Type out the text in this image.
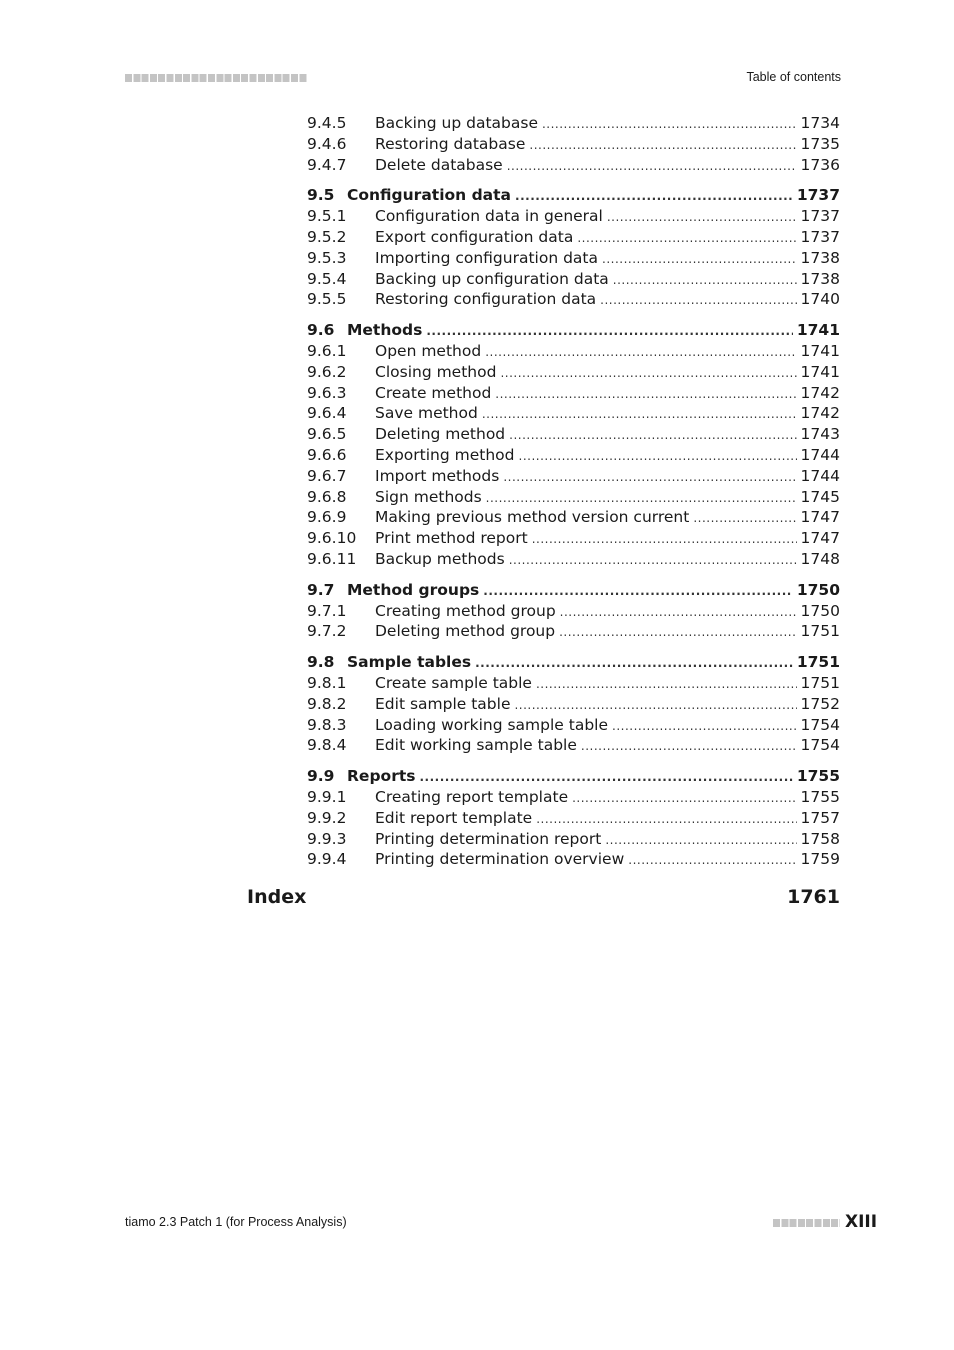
Table of contents
9.4.5	Backing up database .....	1734
9.4.6	Restoring database .....	1735
9.4.7	Delete database .....	1736
9.5 Configuration data .....	1737
9.5.1	Configuration data in general .....	1737
9.5.2	Export configuration data .....	1737
9.5.3	Importing configuration data .....	1738
9.5.4	Backing up configuration data .....	1738
9.5.5	Restoring configuration data .....	1740
9.6 Methods .....	1741
9.6.1	Open method .....	1741
9.6.2	Closing method .....	1741
9.6.3	Create method .....	1742
9.6.4	Save method .....	1742
9.6.5	Deleting method .....	1743
9.6.6	Exporting method .....	1744
9.6.7	Import methods .....	1744
9.6.8	Sign methods .....	1745
9.6.9	Making previous method version current .....	1747
9.6.10	Print method report .....	1747
9.6.11	Backup methods .....	1748
9.7 Method groups .....	1750
9.7.1	Creating method group .....	1750
9.7.2	Deleting method group .....	1751
9.8 Sample tables .....	1751
9.8.1	Create sample table .....	1751
9.8.2	Edit sample table .....	1752
9.8.3	Loading working sample table .....	1754
9.8.4	Edit working sample table .....	1754
9.9 Reports .....	1755
9.9.1	Creating report template .....	1755
9.9.2	Edit report template .....	1757
9.9.3	Printing determination report .....	1758
9.9.4	Printing determination overview .....	1759
Index	1761
tiamo 2.3 Patch 1 (for Process Analysis)	XIII
